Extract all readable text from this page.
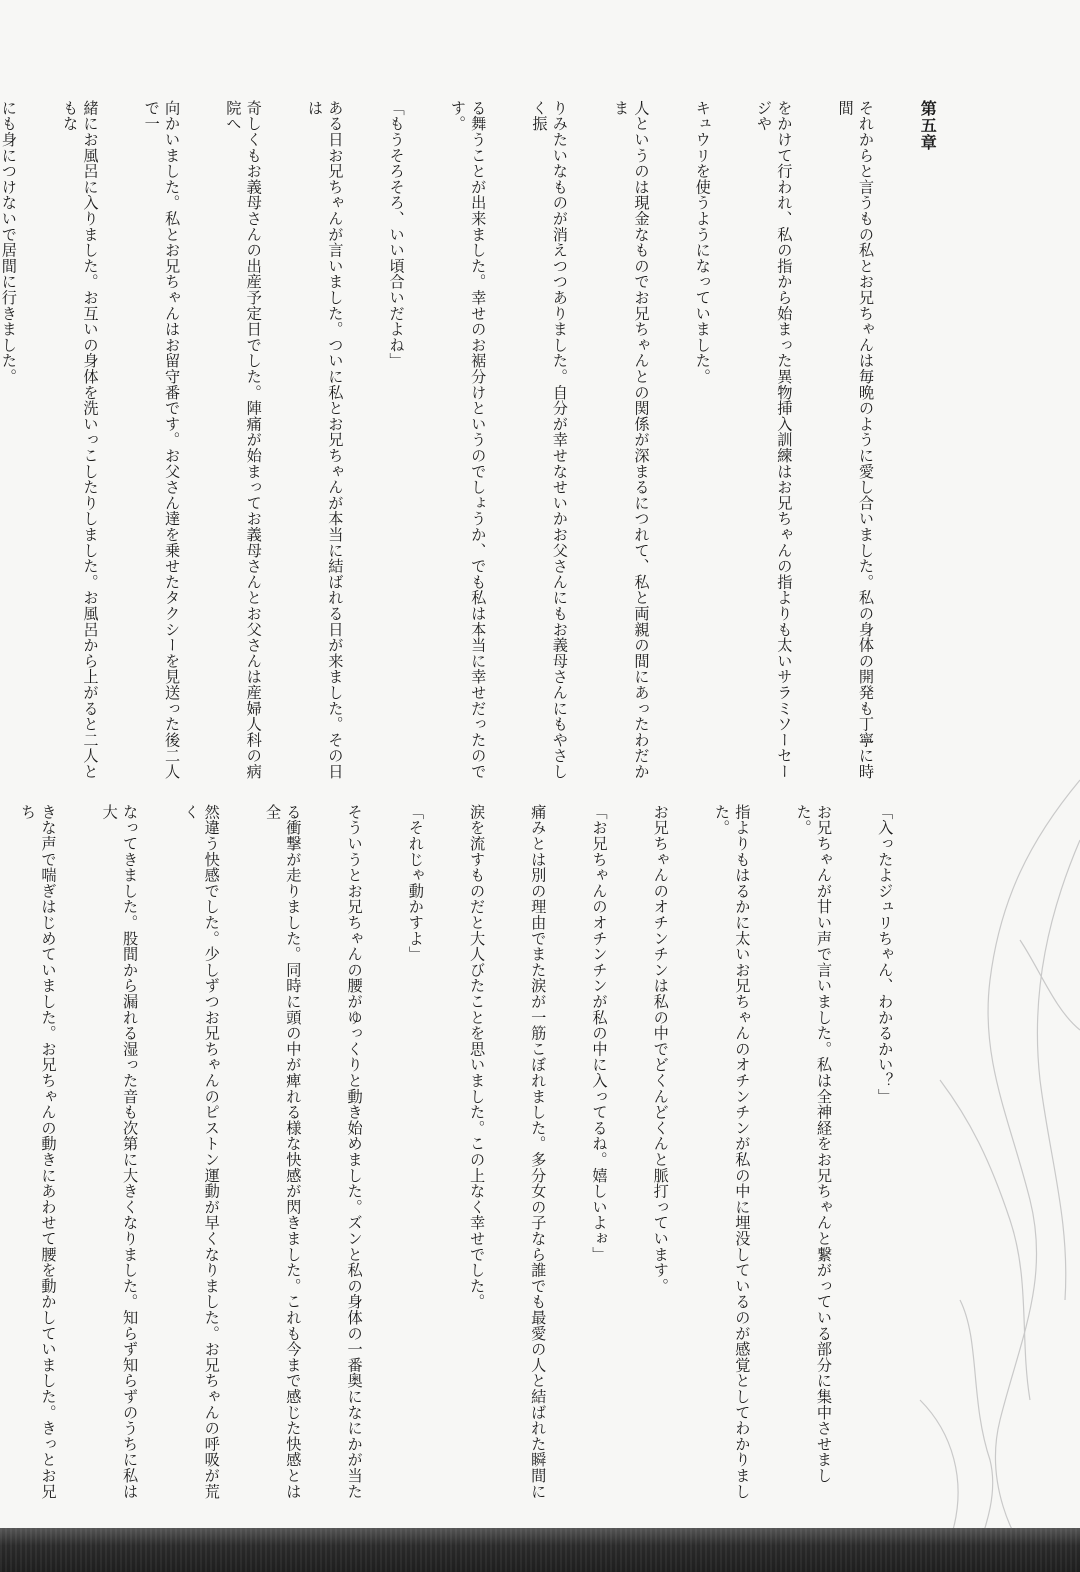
第五章

それからと言うもの私とお兄ちゃんは毎晩のように愛し合いました。私の身体の開発も丁寧に時間

をかけて行われ、私の指から始まった異物挿入訓練はお兄ちゃんの指よりも太いサラミソーセージや

キュウリを使うようになっていました。

人というのは現金なものでお兄ちゃんとの関係が深まるにつれて、私と両親の間にあったわだかま

りみたいなものが消えつつありました。自分が幸せなせいかお父さんにもお義母さんにもやさしく振

る舞うことが出来ました。幸せのお裾分けというのでしょうか、でも私は本当に幸せだったのです。

「もうそろそろ、いい頃合いだよね」

ある日お兄ちゃんが言いました。ついに私とお兄ちゃんが本当に結ばれる日が来ました。その日は

奇しくもお義母さんの出産予定日でした。陣痛が始まってお義母さんとお父さんは産婦人科の病院へ

向かいました。私とお兄ちゃんはお留守番です。お父さん達を乗せたタクシーを見送った後二人で一

緒にお風呂に入りました。お互いの身体を洗いっこしたりしました。お風呂から上がると二人ともな

にも身につけないで居間に行きました。

「入ったよジュリちゃん、わかるかい？」

お兄ちゃんが甘い声で言いました。私は全神経をお兄ちゃんと繋がっている部分に集中させました。

指よりもはるかに太いお兄ちゃんのオチンチンが私の中に埋没しているのが感覚としてわかりました。

お兄ちゃんのオチンチンは私の中でどくんどくんと脈打っています。

「お兄ちゃんのオチンチンが私の中に入ってるね。嬉しいよぉ」

痛みとは別の理由でまた涙が一筋こぼれました。多分女の子なら誰でも最愛の人と結ばれた瞬間に

涙を流すものだと大人びたことを思いました。この上なく幸せでした。

「それじゃ動かすよ」

そういうとお兄ちゃんの腰がゆっくりと動き始めました。ズンと私の身体の一番奥になにかが当た

る衝撃が走りました。同時に頭の中が痺れる様な快感が閃きました。これも今まで感じた快感とは全

然違う快感でした。少しずつお兄ちゃんのピストン運動が早くなりました。お兄ちゃんの呼吸が荒く

なってきました。股間から漏れる湿った音も次第に大きくなりました。知らず知らずのうちに私は大

きな声で喘ぎはじめていました。お兄ちゃんの動きにあわせて腰を動かしていました。きっとお兄ち
